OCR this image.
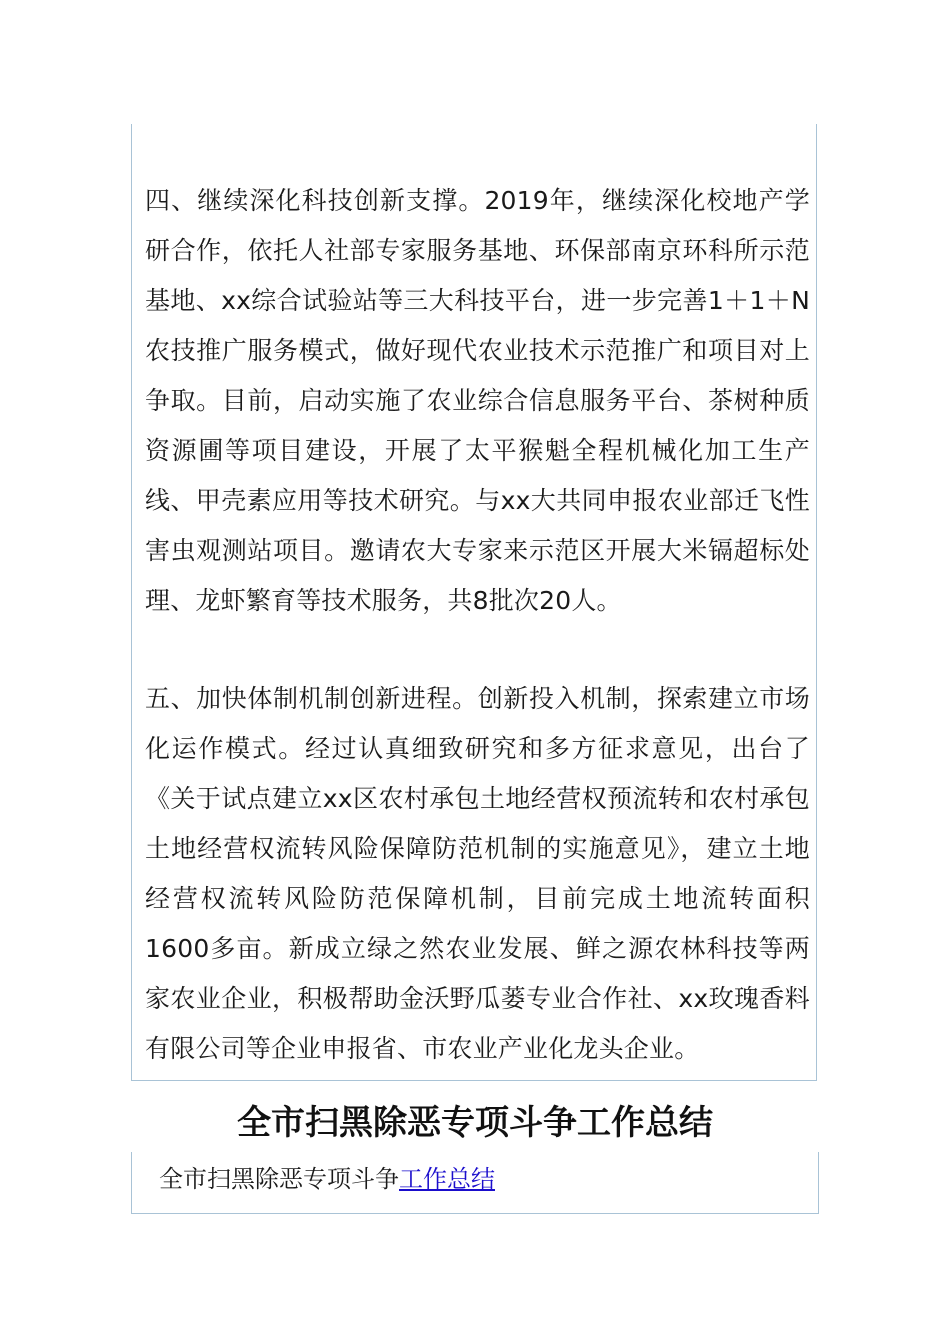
四、继续深化科技创新支撑。2019年，继续深化校地产学研合作，依托人社部专家服务基地、环保部南京环科所示范基地、xx综合试验站等三大科技平台，进一步完善1＋1＋N农技推广服务模式，做好现代农业技术示范推广和项目对上争取。目前，启动实施了农业综合信息服务平台、茶树种质资源圃等项目建设，开展了太平猴魁全程机械化加工生产线、甲壳素应用等技术研究。与xx大共同申报农业部迁飞性害虫观测站项目。邀请农大专家来示范区开展大米镉超标处理、龙虾繁育等技术服务，共8批次20人。

五、加快体制机制创新进程。创新投入机制，探索建立市场化运作模式。经过认真细致研究和多方征求意见，出台了《关于试点建立xx区农村承包土地经营权预流转和农村承包土地经营权流转风险保障防范机制的实施意见》，建立土地经营权流转风险防范保障机制，目前完成土地流转面积1600多亩。新成立绿之然农业发展、鲜之源农林科技等两家农业企业，积极帮助金沃野瓜蒌专业合作社、xx玫瑰香料有限公司等企业申报省、市农业产业化龙头企业。

全市扫黑除恶专项斗争工作总结
全市扫黑除恶专项斗争工作总结
